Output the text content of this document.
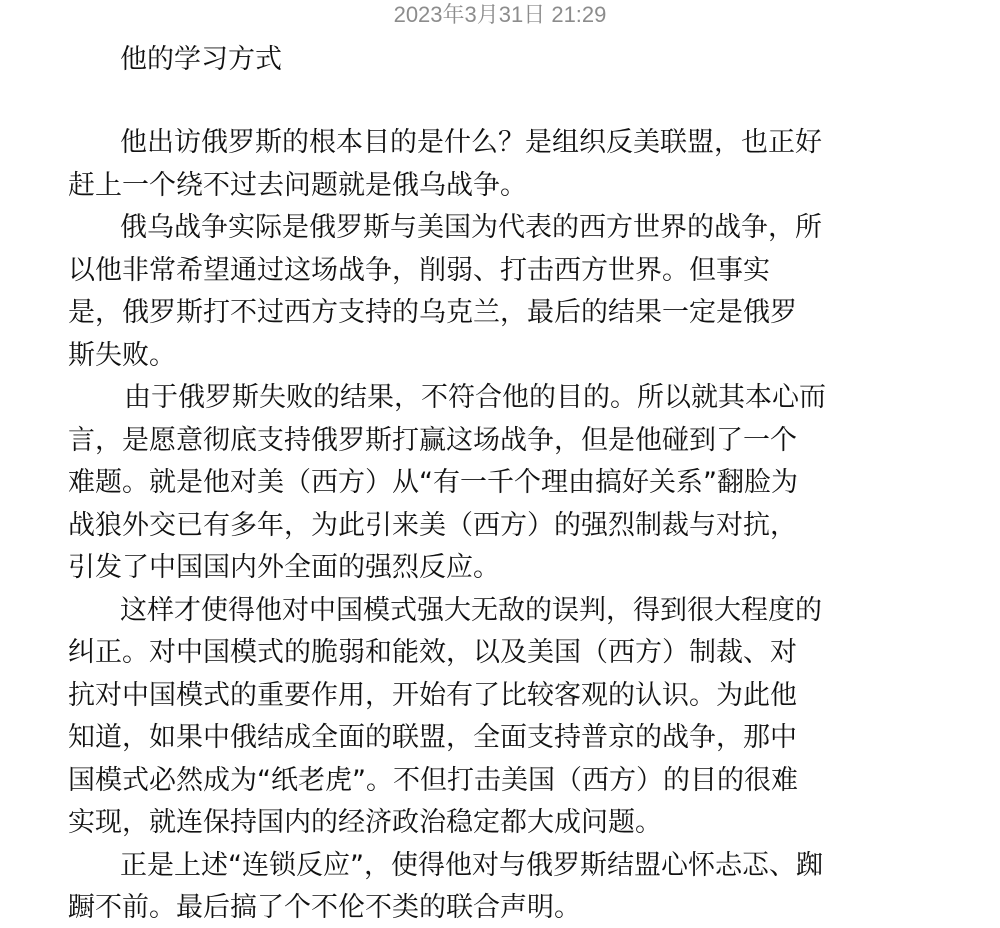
2023年3月31日 21:29
他的学习方式
他出访俄罗斯的根本目的是什么？是组织反美联盟，也正好
赶上一个绕不过去问题就是俄乌战争。
俄乌战争实际是俄罗斯与美国为代表的西方世界的战争，所
以他非常希望通过这场战争，削弱、打击西方世界。但事实
是，俄罗斯打不过西方支持的乌克兰，最后的结果一定是俄罗
斯失败。
由于俄罗斯失败的结果，不符合他的目的。所以就其本心而
言，是愿意彻底支持俄罗斯打赢这场战争，但是他碰到了一个
难题。就是他对美（西方）从“有一千个理由搞好关系”翻脸为
战狼外交已有多年，为此引来美（西方）的强烈制裁与对抗，
引发了中国国内外全面的强烈反应。
这样才使得他对中国模式强大无敌的误判，得到很大程度的
纠正。对中国模式的脆弱和能效，以及美国（西方）制裁、对
抗对中国模式的重要作用，开始有了比较客观的认识。为此他
知道，如果中俄结成全面的联盟，全面支持普京的战争，那中
国模式必然成为“纸老虎”。不但打击美国（西方）的目的很难
实现，就连保持国内的经济政治稳定都大成问题。
正是上述“连锁反应”，使得他对与俄罗斯结盟心怀忐忑、踟
蹰不前。最后搞了个不伦不类的联合声明。
